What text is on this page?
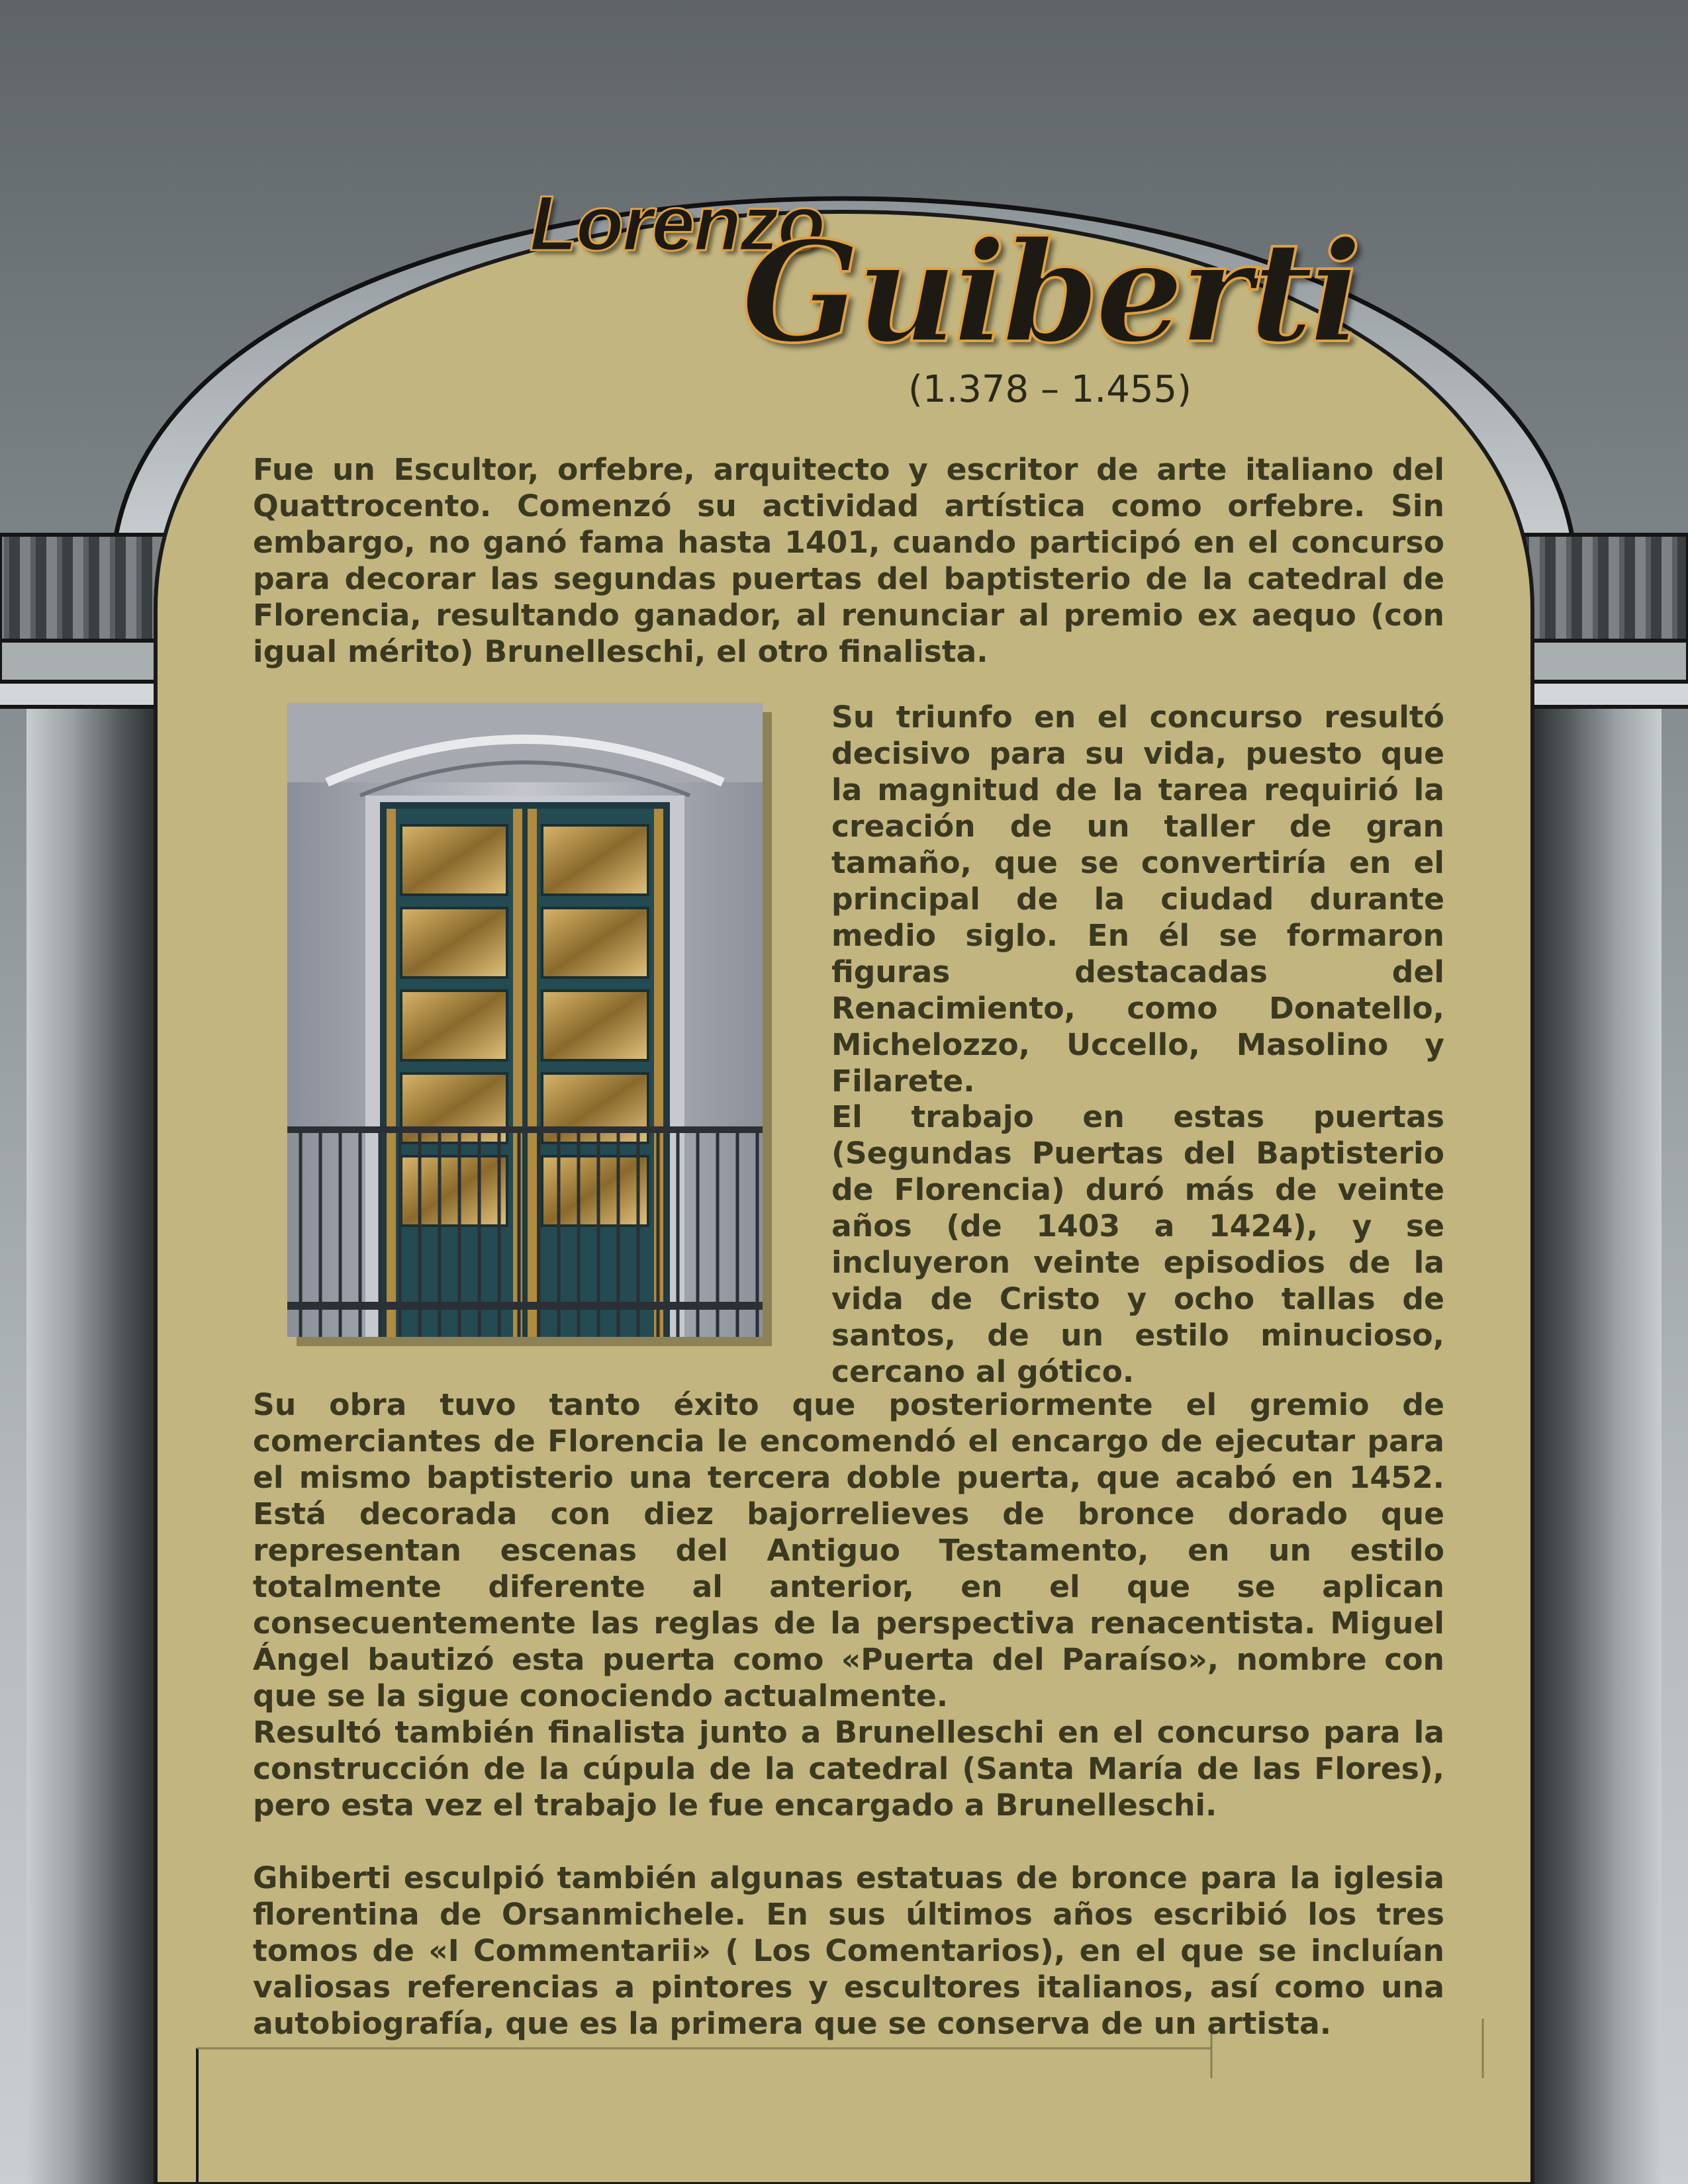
Lorenzo
Guiberti
(1.378 – 1.455)

Fue un Escultor, orfebre, arquitecto y escritor de arte italiano del Quattrocento. Comenzó su actividad artística como orfebre. Sin embargo, no ganó fama hasta 1401, cuando participó en el concurso para decorar las segundas puertas del baptisterio de la catedral de Florencia, resultando ganador, al renunciar al premio ex aequo (con igual mérito) Brunelleschi, el otro finalista.

Su triunfo en el concurso resultó decisivo para su vida, puesto que la magnitud de la tarea requirió la creación de un taller de gran tamaño, que se convertiría en el principal de la ciudad durante medio siglo. En él se formaron figuras destacadas del Renacimiento, como Donatello, Michelozzo, Uccello, Masolino y Filarete.

El trabajo en estas puertas (Segundas Puertas del Baptisterio de Florencia) duró más de veinte años (de 1403 a 1424), y se incluyeron veinte episodios de la vida de Cristo y ocho tallas de santos, de un estilo minucioso, cercano al gótico.

Su obra tuvo tanto éxito que posteriormente el gremio de comerciantes de Florencia le encomendó el encargo de ejecutar para el mismo baptisterio una tercera doble puerta, que acabó en 1452. Está decorada con diez bajorrelieves de bronce dorado que representan escenas del Antiguo Testamento, en un estilo totalmente diferente al anterior, en el que se aplican consecuentemente las reglas de la perspectiva renacentista. Miguel Ángel bautizó esta puerta como «Puerta del Paraíso», nombre con que se la sigue conociendo actualmente.

Resultó también finalista junto a Brunelleschi en el concurso para la construcción de la cúpula de la catedral (Santa María de las Flores), pero esta vez el trabajo le fue encargado a Brunelleschi.

Ghiberti esculpió también algunas estatuas de bronce para la iglesia florentina de Orsanmichele. En sus últimos años escribió los tres tomos de «I Commentarii» ( Los Comentarios), en el que se incluían valiosas referencias a pintores y escultores italianos, así como una autobiografía, que es la primera que se conserva de un artista.
